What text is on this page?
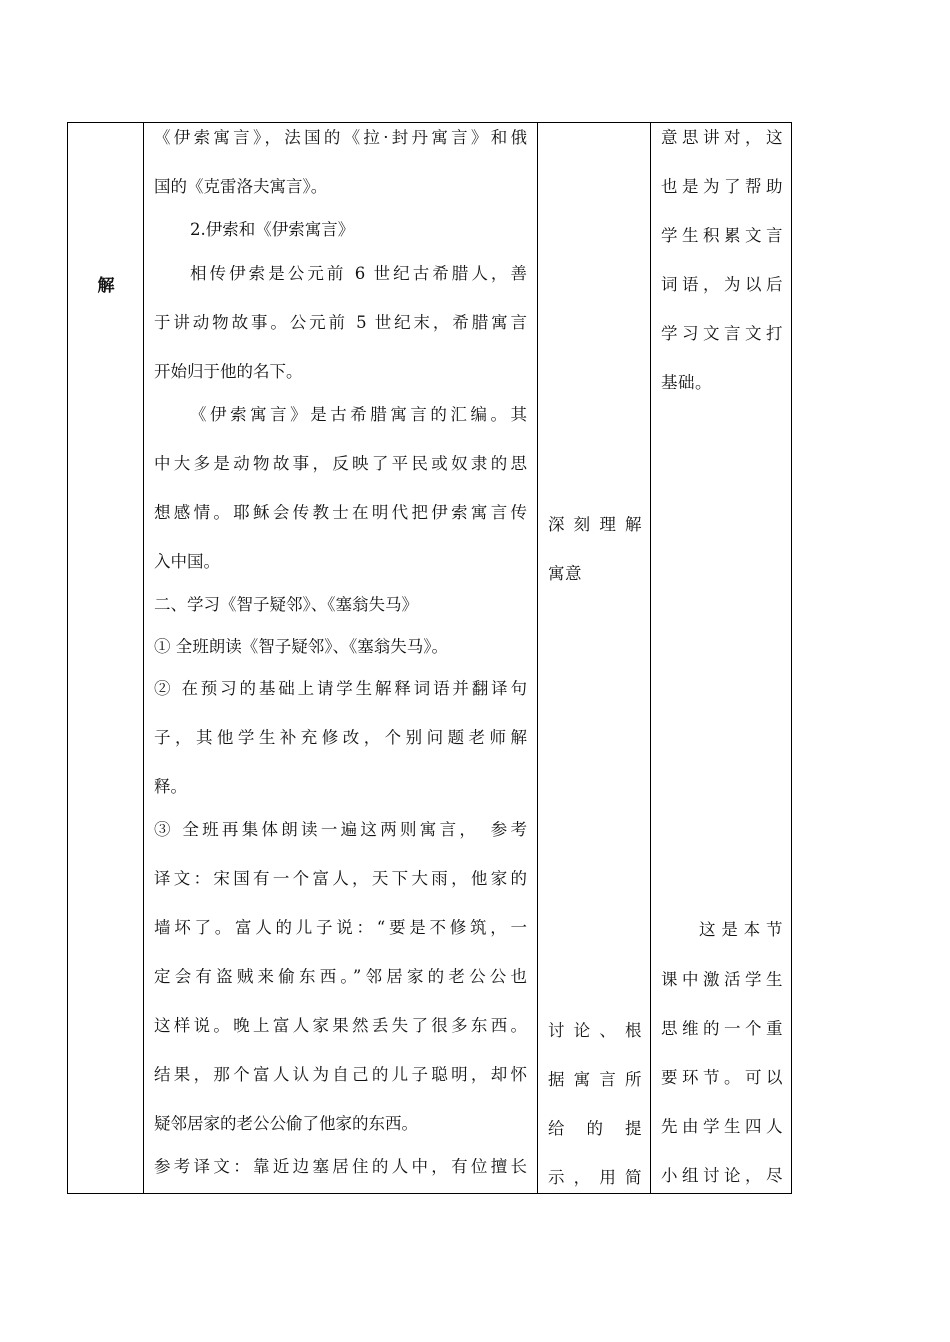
解
《伊索寓言》，法国的《拉·封丹寓言》和俄
国的《克雷洛夫寓言》。
2.伊索和《伊索寓言》
相传伊索是公元前 6 世纪古希腊人，善
于讲动物故事。公元前 5 世纪末，希腊寓言
开始归于他的名下。
《伊索寓言》是古希腊寓言的汇编。其
中大多是动物故事，反映了平民或奴隶的思
想感情。耶稣会传教士在明代把伊索寓言传
入中国。
二、学习《智子疑邻》、《塞翁失马》
① 全班朗读《智子疑邻》、《塞翁失马》。
② 在预习的基础上请学生解释词语并翻译句
子，其他学生补充修改，个别问题老师解
释。
③ 全班再集体朗读一遍这两则寓言，　参考
译文：宋国有一个富人，天下大雨，他家的
墙坏了。富人的儿子说：“要是不修筑，一
定会有盗贼来偷东西。”邻居家的老公公也
这样说。晚上富人家果然丢失了很多东西。
结果，那个富人认为自己的儿子聪明，却怀
疑邻居家的老公公偷了他家的东西。
参考译文：靠近边塞居住的人中，有位擅长
深刻理解
寓意
讨论、根
据寓言所
给的提
示，用简
意思讲对，这
也是为了帮助
学生积累文言
词语，为以后
学习文言文打
基础。
这是本节
课中激活学生
思维的一个重
要环节。可以
先由学生四人
小组讨论，尽
